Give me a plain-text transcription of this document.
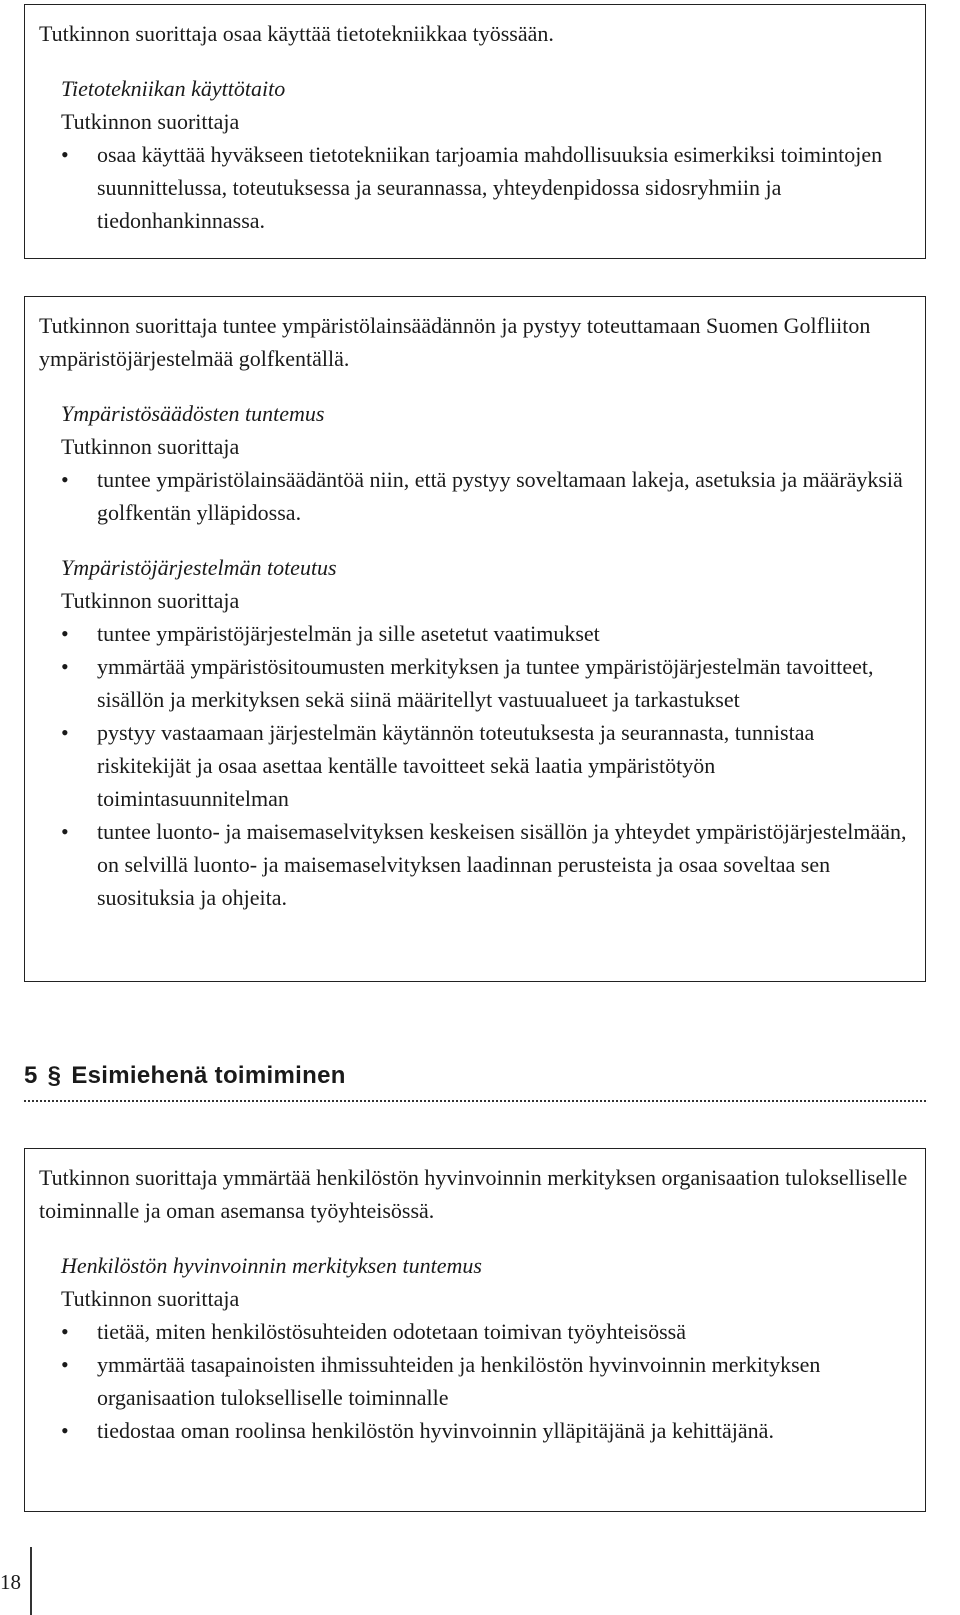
Tutkinnon suorittaja osaa käyttää tietotekniikkaa työssään.

Tietotekniikan käyttötaito

Tutkinnon suorittaja

• osaa käyttää hyväkseen tietotekniikan tarjoamia mahdollisuuksia esimerkiksi toimintojen suunnittelussa, toteutuksessa ja seurannassa, yhteydenpidossa sidosryhmiin ja tiedonhankinnassa.

Tutkinnon suorittaja tuntee ympäristölainsäädännön ja pystyy toteuttamaan Suomen Golfliiton ympäristöjärjestelmää golfkentällä.

Ympäristösäädösten tuntemus

Tutkinnon suorittaja

• tuntee ympäristölainsäädäntöä niin, että pystyy soveltamaan lakeja, asetuksia ja määräyksiä golfkentän ylläpidossa.

Ympäristöjärjestelmän toteutus

Tutkinnon suorittaja

• tuntee ympäristöjärjestelmän ja sille asetetut vaatimukset
• ymmärtää ympäristösitoumusten merkityksen ja tuntee ympäristöjärjestelmän tavoitteet, sisällön ja merkityksen sekä siinä määritellyt vastuualueet ja tarkastukset
• pystyy vastaamaan järjestelmän käytännön toteutuksesta ja seurannasta, tunnistaa riskitekijät ja osaa asettaa kentälle tavoitteet sekä laatia ympäristötyön toimintasuunnitelman
• tuntee luonto- ja maisemaselvityksen keskeisen sisällön ja yhteydet ympäristöjärjestelmään, on selvillä luonto- ja maisemaselvityksen laadinnan perusteista ja osaa soveltaa sen suosituksia ja ohjeita.
5 § Esimiehenä toimiminen

Tutkinnon suorittaja ymmärtää henkilöstön hyvinvoinnin merkityksen organisaation tulokselliselle toiminnalle ja oman asemansa työyhteisössä.

Henkilöstön hyvinvoinnin merkityksen tuntemus

Tutkinnon suorittaja

• tietää, miten henkilöstösuhteiden odotetaan toimivan työyhteisössä
• ymmärtää tasapainoisten ihmissuhteiden ja henkilöstön hyvinvoinnin merkityksen organisaation tulokselliselle toiminnalle
• tiedostaa oman roolinsa henkilöstön hyvinvoinnin ylläpitäjänä ja kehittäjänä.
18
